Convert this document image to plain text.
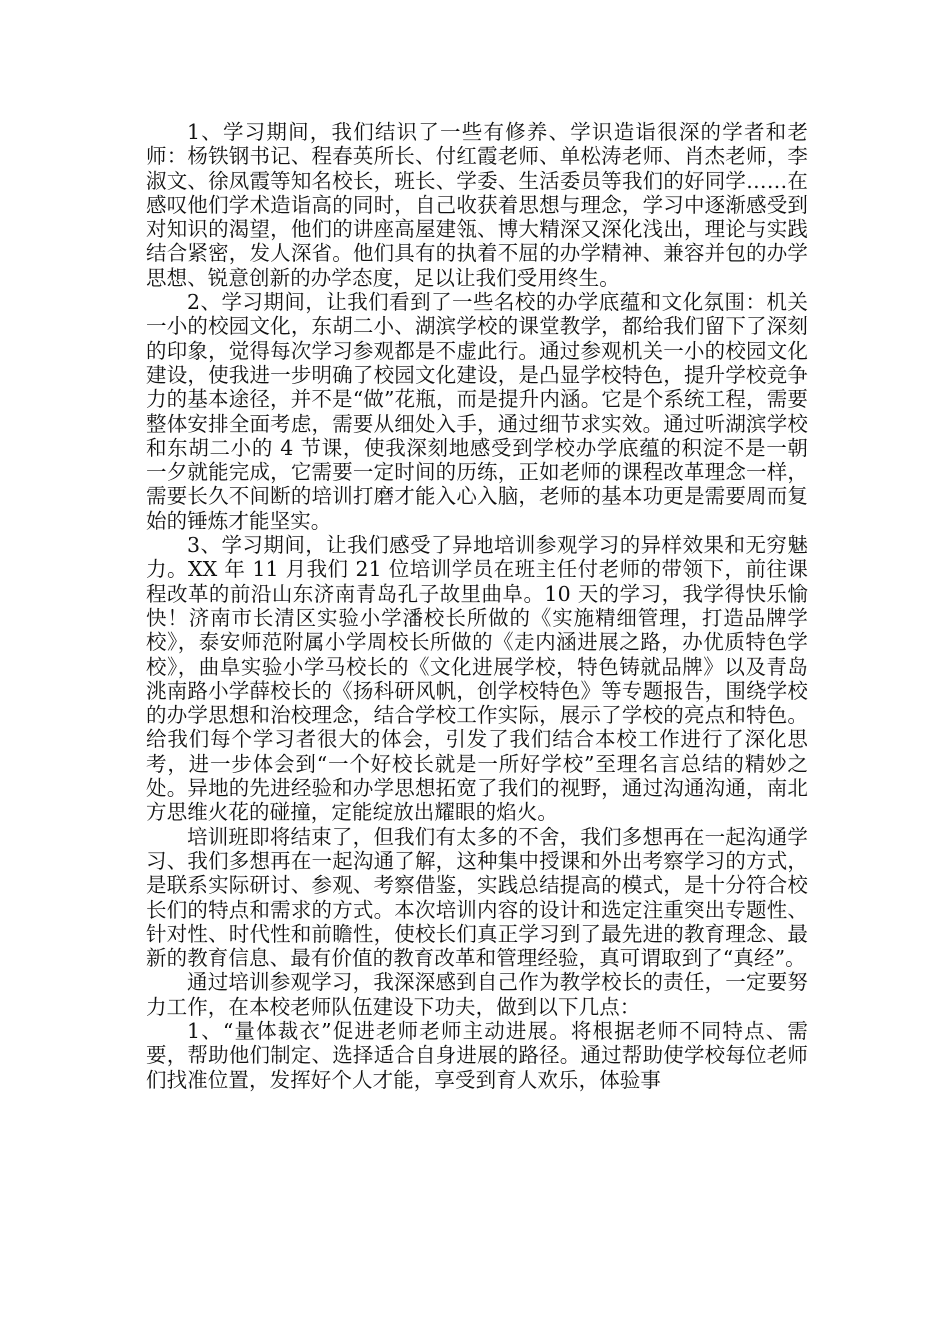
1、学习期间，我们结识了一些有修养、学识造诣很深的学者和老师：杨铁钢书记、程春英所长、付红霞老师、单松涛老师、肖杰老师，李淑文、徐凤霞等知名校长，班长、学委、生活委员等我们的好同学……在感叹他们学术造诣高的同时，自己收获着思想与理念，学习中逐渐感受到对知识的渴望，他们的讲座高屋建瓴、博大精深又深化浅出，理论与实践结合紧密，发人深省。他们具有的执着不屈的办学精神、兼容并包的办学思想、锐意创新的办学态度，足以让我们受用终生。

2、学习期间，让我们看到了一些名校的办学底蕴和文化氛围：机关一小的校园文化，东胡二小、湖滨学校的课堂教学，都给我们留下了深刻的印象，觉得每次学习参观都是不虚此行。通过参观机关一小的校园文化建设，使我进一步明确了校园文化建设，是凸显学校特色，提升学校竞争力的基本途径，并不是“做”花瓶，而是提升内涵。它是个系统工程，需要整体安排全面考虑，需要从细处入手，通过细节求实效。通过听湖滨学校和东胡二小的 4 节课，使我深刻地感受到学校办学底蕴的积淀不是一朝一夕就能完成，它需要一定时间的历练，正如老师的课程改革理念一样，需要长久不间断的培训打磨才能入心入脑，老师的基本功更是需要周而复始的锤炼才能坚实。

3、学习期间，让我们感受了异地培训参观学习的异样效果和无穷魅力。XX 年 11 月我们 21 位培训学员在班主任付老师的带领下，前往课程改革的前沿山东济南青岛孔子故里曲阜。10 天的学习，我学得快乐愉快！济南市长清区实验小学潘校长所做的《实施精细管理，打造品牌学校》，泰安师范附属小学周校长所做的《走内涵进展之路，办优质特色学校》，曲阜实验小学马校长的《文化进展学校，特色铸就品牌》以及青岛洮南路小学薛校长的《扬科研风帆，创学校特色》等专题报告，围绕学校的办学思想和治校理念，结合学校工作实际，展示了学校的亮点和特色。给我们每个学习者很大的体会，引发了我们结合本校工作进行了深化思考，进一步体会到“一个好校长就是一所好学校”至理名言总结的精妙之处。异地的先进经验和办学思想拓宽了我们的视野，通过沟通沟通，南北方思维火花的碰撞，定能绽放出耀眼的焰火。

培训班即将结束了，但我们有太多的不舍，我们多想再在一起沟通学习、我们多想再在一起沟通了解，这种集中授课和外出考察学习的方式，是联系实际研讨、参观、考察借鉴，实践总结提高的模式，是十分符合校长们的特点和需求的方式。本次培训内容的设计和选定注重突出专题性、针对性、时代性和前瞻性，使校长们真正学习到了最先进的教育理念、最新的教育信息、最有价值的教育改革和管理经验，真可谓取到了“真经”。

通过培训参观学习，我深深感到自己作为教学校长的责任，一定要努力工作，在本校老师队伍建设下功夫，做到以下几点：

1、“量体裁衣”促进老师老师主动进展。将根据老师不同特点、需要，帮助他们制定、选择适合自身进展的路径。通过帮助使学校每位老师们找准位置，发挥好个人才能，享受到育人欢乐，体验事
